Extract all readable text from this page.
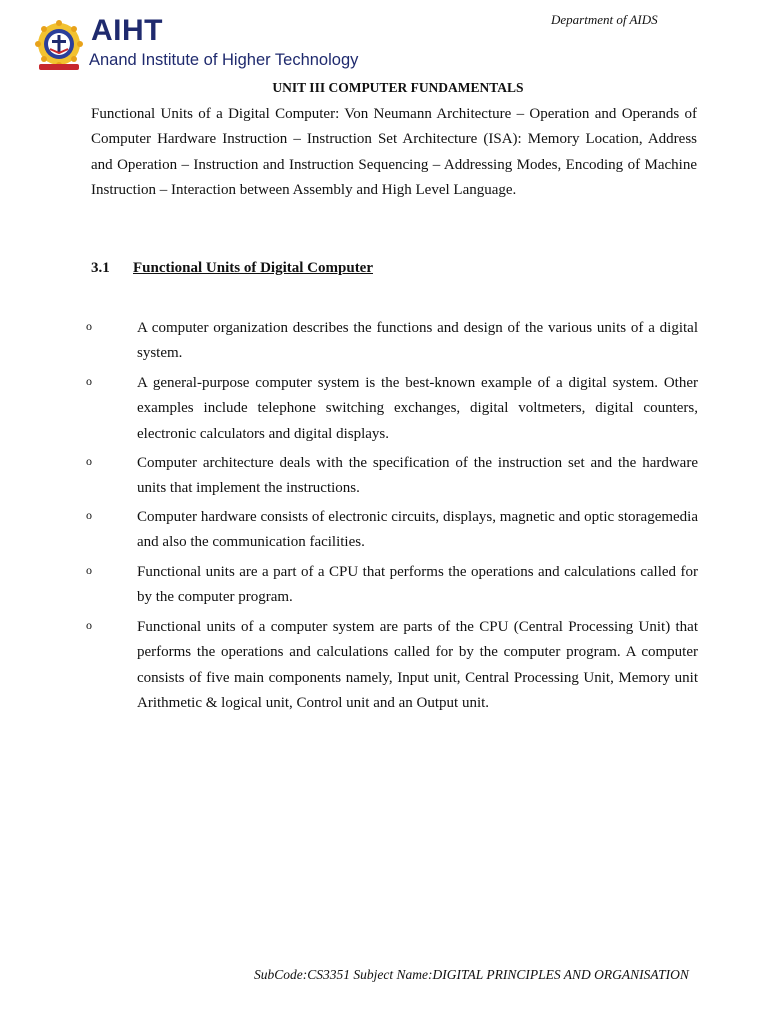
Department of AIDS
AIHT
Anand Institute of Higher Technology
UNIT III COMPUTER FUNDAMENTALS

Functional Units of a Digital Computer: Von Neumann Architecture – Operation and Operands of Computer Hardware Instruction – Instruction Set Architecture (ISA): Memory Location, Address and Operation – Instruction and Instruction Sequencing – Addressing Modes, Encoding of Machine Instruction – Interaction between Assembly and High Level Language.

3.1 Functional Units of Digital Computer
o	A computer organization describes the functions and design of the various units of a digital system.
o	A general-purpose computer system is the best-known example of a digital system. Other examples include telephone switching exchanges, digital voltmeters, digital counters, electronic calculators and digital displays.
o	Computer architecture deals with the specification of the instruction set and the hardware units that implement the instructions.
o	Computer hardware consists of electronic circuits, displays, magnetic and optic storagemedia and also the communication facilities.
o	Functional units are a part of a CPU that performs the operations and calculations called for by the computer program.
o	Functional units of a computer system are parts of the CPU (Central Processing Unit) that performs the operations and calculations called for by the computer program. A computer consists of five main components namely, Input unit, Central Processing Unit, Memory unit Arithmetic & logical unit, Control unit and an Output unit.
SubCode:CS3351 Subject Name:DIGITAL PRINCIPLES AND ORGANISATION
